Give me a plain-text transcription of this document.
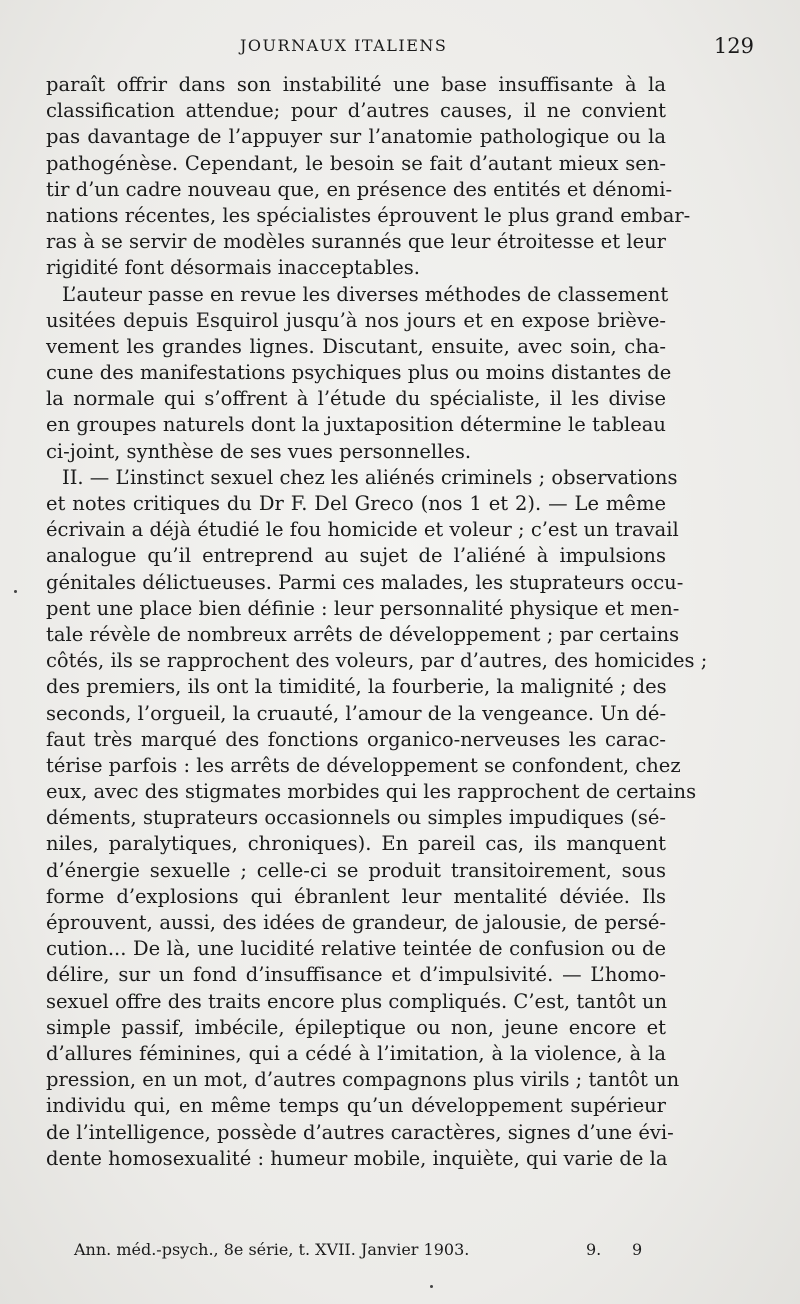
JOURNAUX ITALIENS	129
paraît offrir dans son instabilité une base insuffisante à la
classification attendue; pour d’autres causes, il ne convient
pas davantage de l’appuyer sur l’anatomie pathologique ou la
pathogénèse. Cependant, le besoin se fait d’autant mieux sen-
tir d’un cadre nouveau que, en présence des entités et dénomi-
nations récentes, les spécialistes éprouvent le plus grand embar-
ras à se servir de modèles surannés que leur étroitesse et leur
rigidité font désormais inacceptables.
L’auteur passe en revue les diverses méthodes de classement
usitées depuis Esquirol jusqu’à nos jours et en expose briève-
vement les grandes lignes. Discutant, ensuite, avec soin, cha-
cune des manifestations psychiques plus ou moins distantes de
la normale qui s’offrent à l’étude du spécialiste, il les divise
en groupes naturels dont la juxtaposition détermine le tableau
ci-joint, synthèse de ses vues personnelles.
II. — L’instinct sexuel chez les aliénés criminels ; observations
et notes critiques du Dr F. Del Greco (nos 1 et 2). — Le même
écrivain a déjà étudié le fou homicide et voleur ; c’est un travail
analogue qu’il entreprend au sujet de l’aliéné à impulsions
génitales délictueuses. Parmi ces malades, les stuprateurs occu-
pent une place bien définie : leur personnalité physique et men-
tale révèle de nombreux arrêts de développement ; par certains
côtés, ils se rapprochent des voleurs, par d’autres, des homicides ;
des premiers, ils ont la timidité, la fourberie, la malignité ; des
seconds, l’orgueil, la cruauté, l’amour de la vengeance. Un dé-
faut très marqué des fonctions organico-nerveuses les carac-
térise parfois : les arrêts de développement se confondent, chez
eux, avec des stigmates morbides qui les rapprochent de certains
déments, stuprateurs occasionnels ou simples impudiques (sé-
niles, paralytiques, chroniques). En pareil cas, ils manquent
d’énergie sexuelle ; celle-ci se produit transitoirement, sous
forme d’explosions qui ébranlent leur mentalité déviée. Ils
éprouvent, aussi, des idées de grandeur, de jalousie, de persé-
cution... De là, une lucidité relative teintée de confusion ou de
délire, sur un fond d’insuffisance et d’impulsivité. — L’homo-
sexuel offre des traits encore plus compliqués. C’est, tantôt un
simple passif, imbécile, épileptique ou non, jeune encore et
d’allures féminines, qui a cédé à l’imitation, à la violence, à la
pression, en un mot, d’autres compagnons plus virils ; tantôt un
individu qui, en même temps qu’un développement supérieur
de l’intelligence, possède d’autres caractères, signes d’une évi-
dente homosexualité : humeur mobile, inquiète, qui varie de la
Ann. méd.-psych., 8e série, t. XVII. Janvier 1903.	9. 9
